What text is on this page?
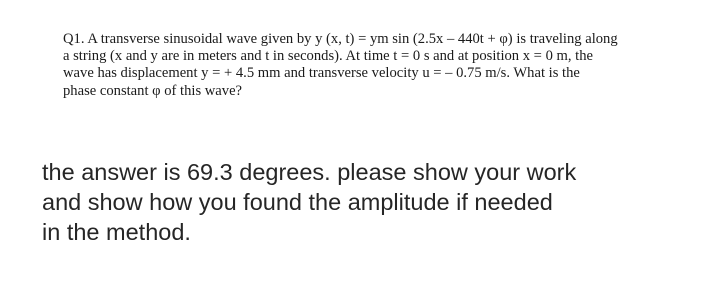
Q1. A transverse sinusoidal wave given by y (x, t) = ym sin (2.5x – 440t + φ) is traveling along
a string (x and y are in meters and t in seconds). At time t = 0 s and at position x = 0 m, the
wave has displacement y = + 4.5 mm and transverse velocity u = – 0.75 m/s. What is the
phase constant φ of this wave?
the answer is 69.3 degrees. please show your work
and show how you found the amplitude if needed
in the method.
